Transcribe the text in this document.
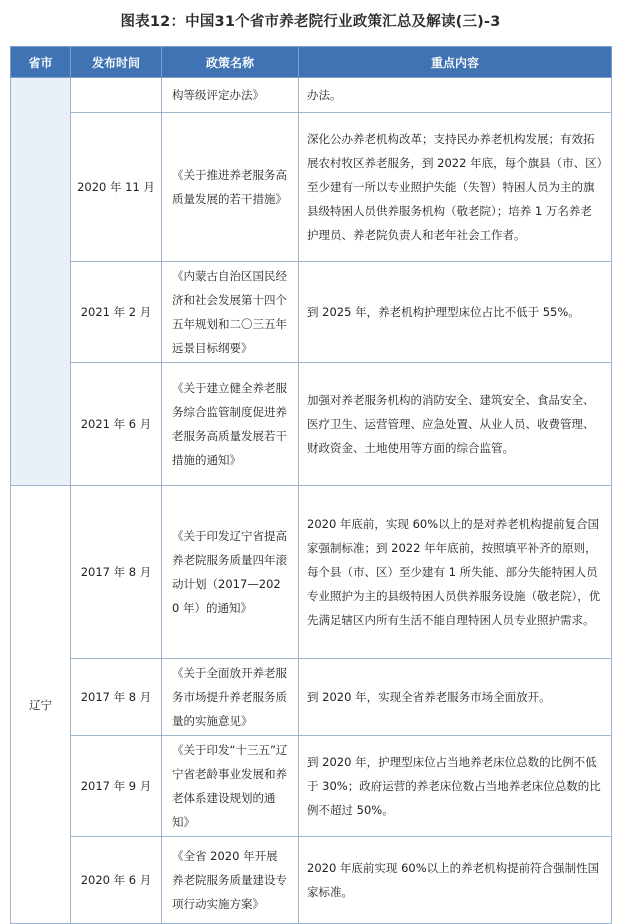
图表12：中国31个省市养老院行业政策汇总及解读(三)-3
省市	发布时间	政策名称	重点内容
		构等级评定办法》	办法。
	2020 年 11 月	《关于推进养老服务高质量发展的若干措施》	深化公办养老机构改革；支持民办养老机构发展；有效拓展农村牧区养老服务，到 2022 年底，每个旗县（市、区）至少建有一所以专业照护失能（失智）特困人员为主的旗县级特困人员供养服务机构（敬老院）；培养 1 万名养老护理员、养老院负责人和老年社会工作者。
	2021 年 2 月	《内蒙古自治区国民经济和社会发展第十四个五年规划和二〇三五年远景目标纲要》	到 2025 年，养老机构护理型床位占比不低于 55%。
	2021 年 6 月	《关于建立健全养老服务综合监管制度促进养老服务高质量发展若干措施的通知》	加强对养老服务机构的消防安全、建筑安全、食品安全、医疗卫生、运营管理、应急处置、从业人员、收费管理、财政资金、土地使用等方面的综合监管。
辽宁	2017 年 8 月	《关于印发辽宁省提高养老院服务质量四年滚动计划（2017—2020 年）的通知》	2020 年底前，实现 60%以上的是对养老机构提前复合国家强制标准；到 2022 年年底前，按照填平补齐的原则，每个县（市、区）至少建有 1 所失能、部分失能特困人员专业照护为主的县级特困人员供养服务设施（敬老院），优先满足辖区内所有生活不能自理特困人员专业照护需求。
	2017 年 8 月	《关于全面放开养老服务市场提升养老服务质量的实施意见》	到 2020 年，实现全省养老服务市场全面放开。
	2017 年 9 月	《关于印发“十三五”辽宁省老龄事业发展和养老体系建设规划的通知》	到 2020 年，护理型床位占当地养老床位总数的比例不低于 30%；政府运营的养老床位数占当地养老床位总数的比例不超过 50%。
	2020 年 6 月	《全省 2020 年开展养老院服务质量建设专项行动实施方案》	2020 年底前实现 60%以上的养老机构提前符合强制性国家标准。
